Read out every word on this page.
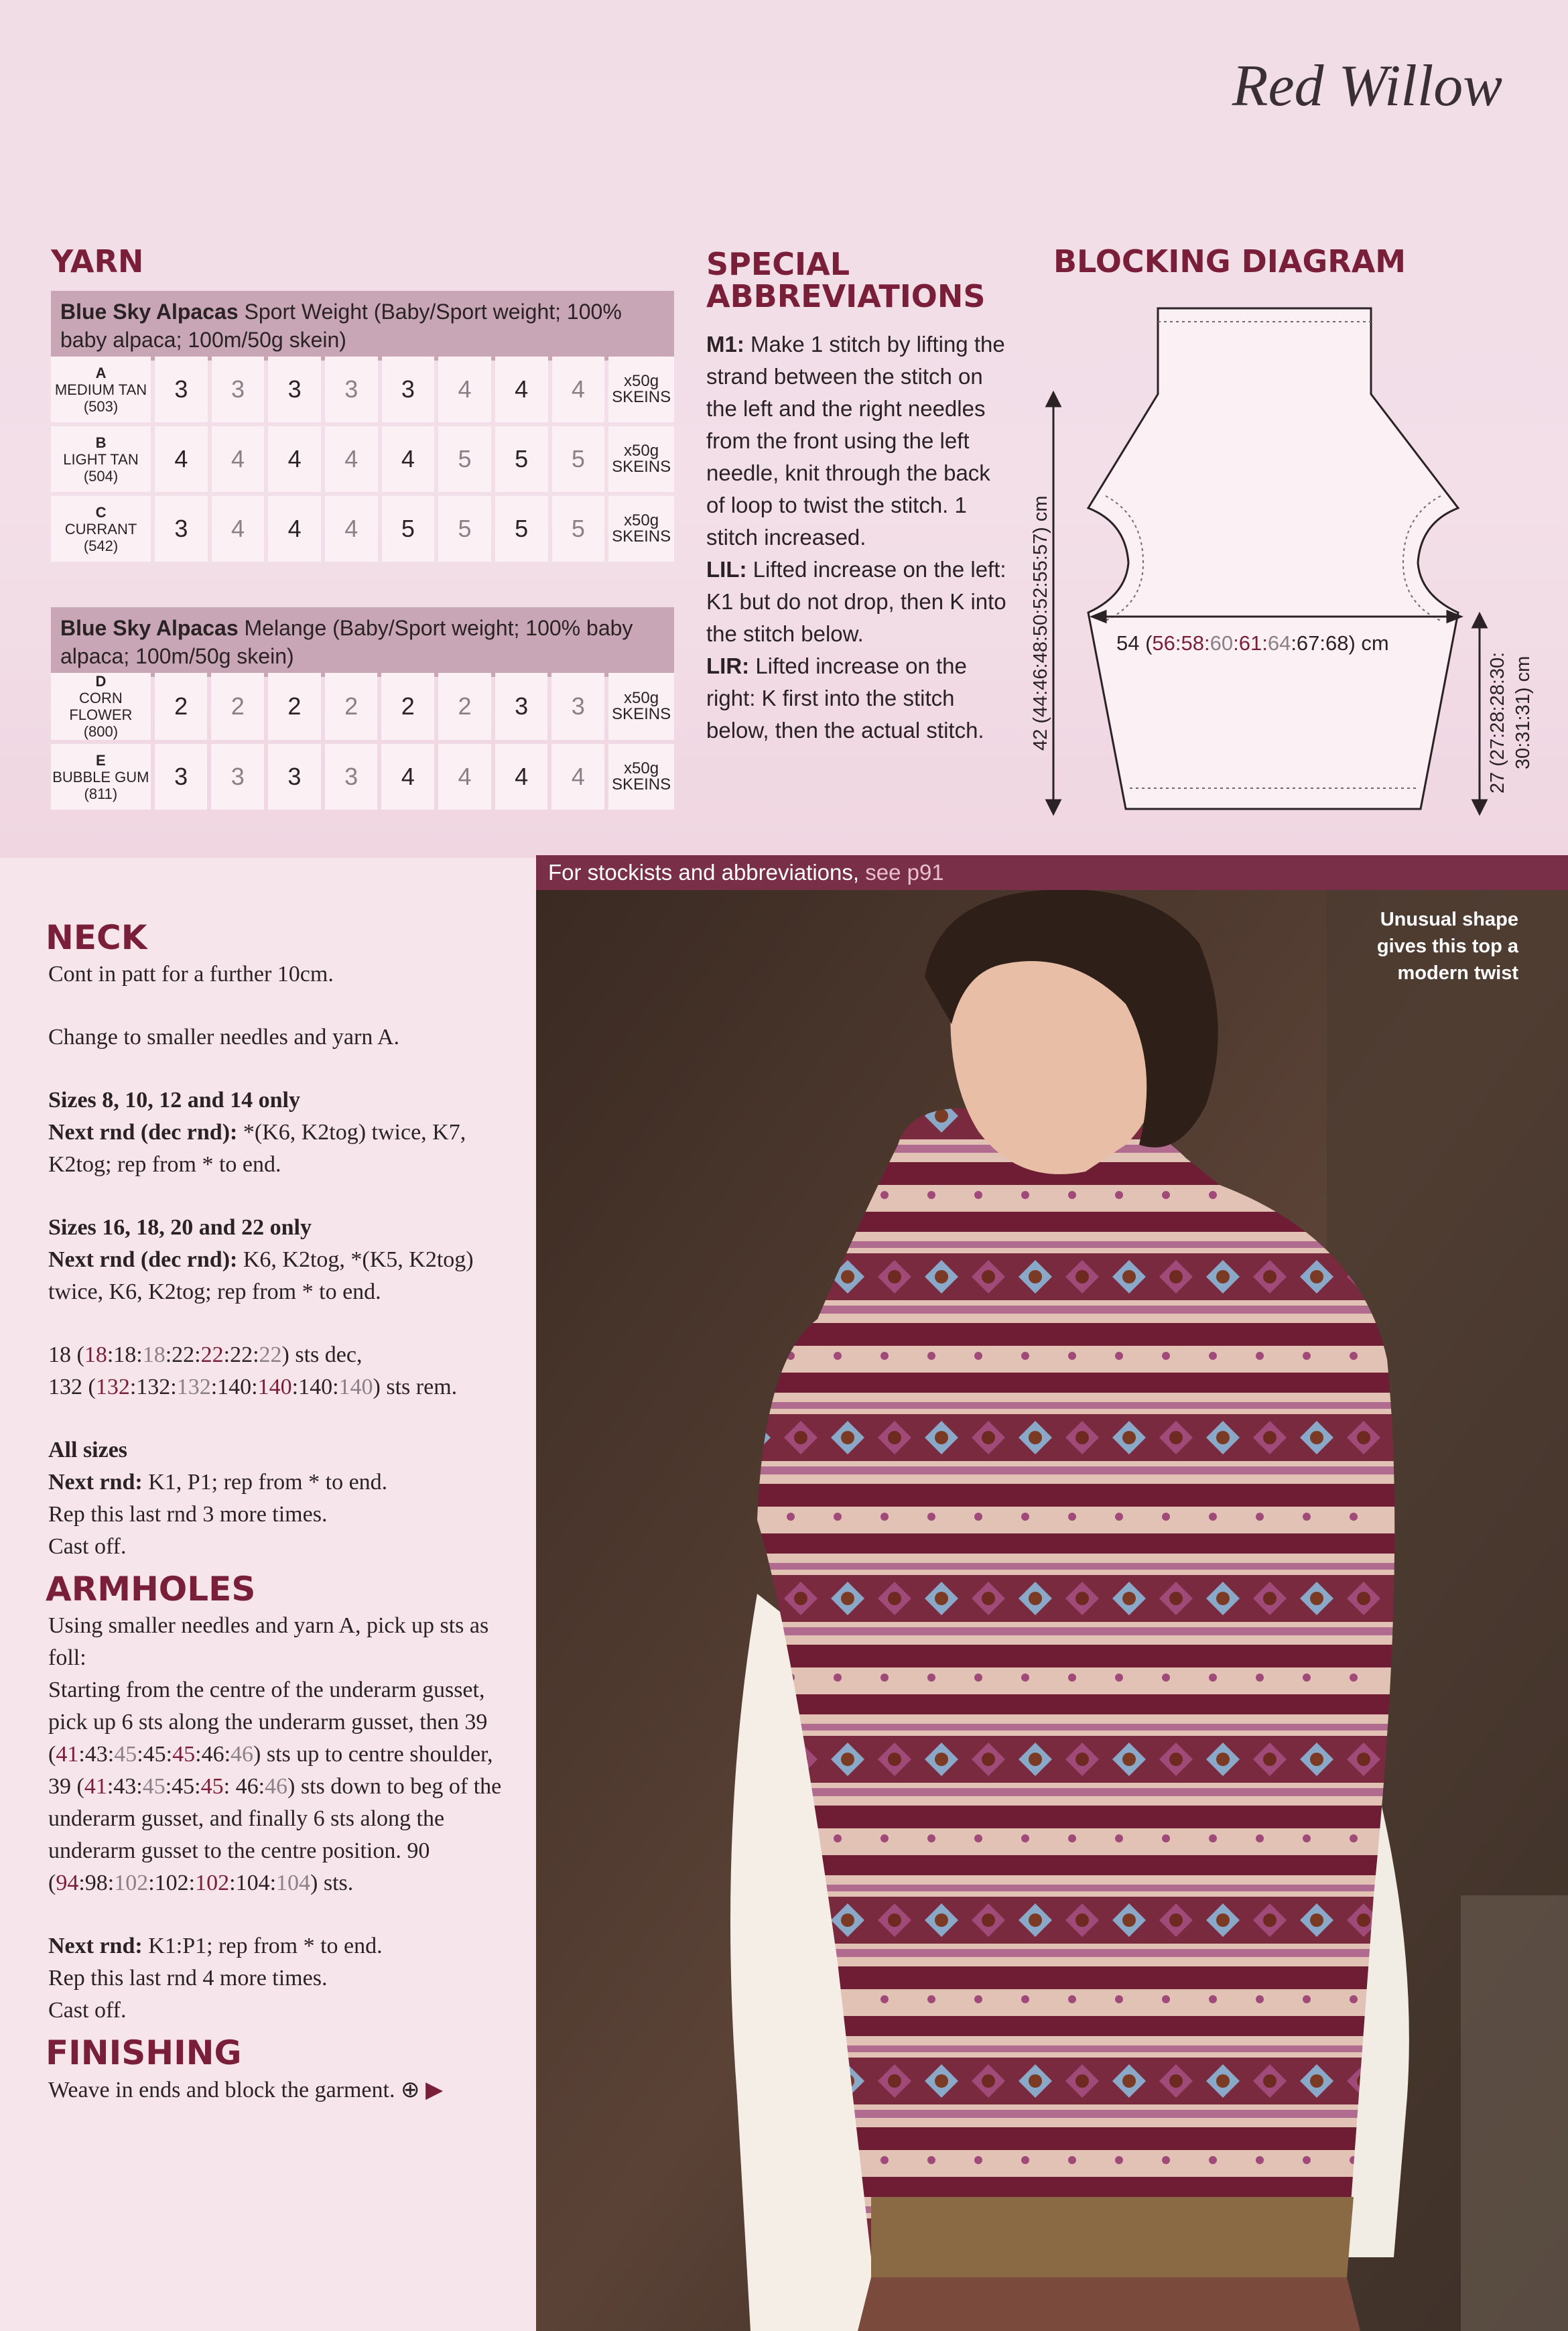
Red Willow
YARN
Blue Sky Alpacas Sport Weight (Baby/Sport weight; 100% baby alpaca; 100m/50g skein)
A
MEDIUM TAN (503)	3	3	3	3	3	4	4	4	x50g SKEINS

B
LIGHT TAN (504)	4	4	4	4	4	5	5	5	x50g SKEINS

C
CURRANT (542)	3	4	4	4	5	5	5	5	x50g SKEINS
Blue Sky Alpacas Melange (Baby/Sport weight; 100% baby alpaca; 100m/50g skein)
D
CORN FLOWER (800)	2	2	2	2	2	2	3	3	x50g SKEINS

E
BUBBLE GUM (811)	3	3	3	3	4	4	4	4	x50g SKEINS
SPECIAL
ABBREVIATIONS
M1: Make 1 stitch by lifting the strand between the stitch on the left and the right needles from the front using the left needle, knit through the back of loop to twist the stitch. 1 stitch increased.
LIL: Lifted increase on the left: K1 but do not drop, then K into the stitch below.
LIR: Lifted increase on the right: K first into the stitch below, then the actual stitch.
BLOCKING DIAGRAM
54 (56:58:60:61:64:67:68) cm
42 (44:46:48:50:52:55:57) cm	27 (27:28:28:30: 30:31:31) cm
For stockists and abbreviations, see p91
Unusual shape gives this top a modern twist
NECK

Cont in patt for a further 10cm.

Change to smaller needles and yarn A.

Sizes 8, 10, 12 and 14 only

Next rnd (dec rnd): *(K6, K2tog) twice, K7, K2tog; rep from * to end.

Sizes 16, 18, 20 and 22 only

Next rnd (dec rnd): K6, K2tog, *(K5, K2tog) twice, K6, K2tog; rep from * to end.

18 (18:18:18:22:22:22:22) sts dec,

132 (132:132:132:140:140:140:140) sts rem.

All sizes

Next rnd: K1, P1; rep from * to end.

Rep this last rnd 3 more times.

Cast off.

ARMHOLES

Using smaller needles and yarn A, pick up sts as foll:

Starting from the centre of the underarm gusset, pick up 6 sts along the underarm gusset, then 39 (41:43:45:45:45:46:46) sts up to centre shoulder, 39 (41:43:45:45:45: 46:46) sts down to beg of the underarm gusset, and finally 6 sts along the underarm gusset to the centre position. 90 (94:98:102:102:102:104:104) sts.

Next rnd: K1:P1; rep from * to end.

Rep this last rnd 4 more times.

Cast off.

FINISHING

Weave in ends and block the garment. ⊕ ▶
